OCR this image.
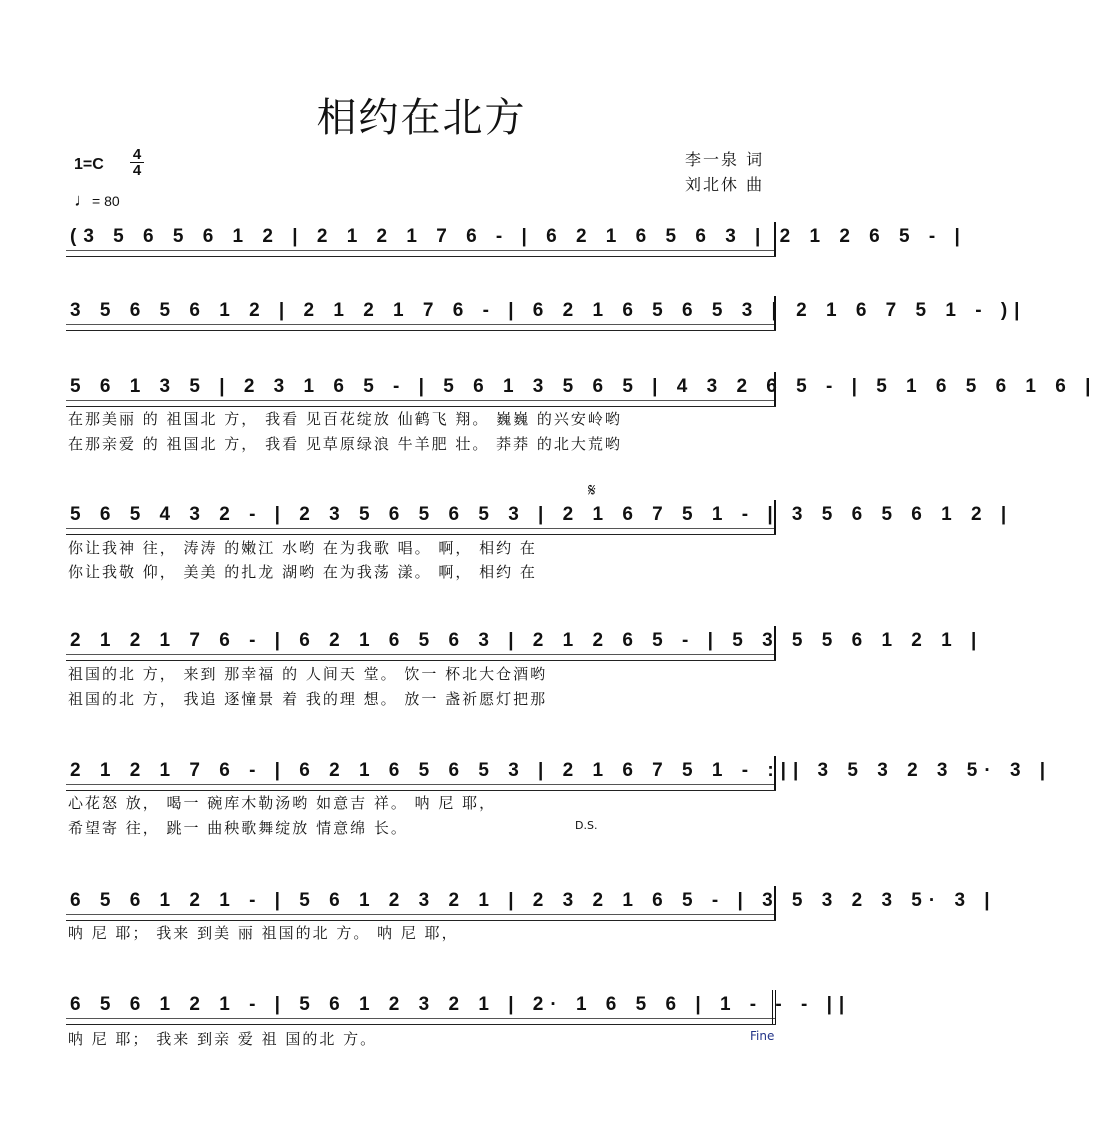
相约在北方
1=C
4
4
♩= 80
李一泉 词
刘北休 曲
(3 5 6 5 6 1 2 | 2 1 2 1 7 6 - | 6 2 1 6 5 6 3 | 2 1 2 6 5 - |
3 5 6 5 6 1 2 | 2 1 2 1 7 6 - | 6 2 1 6 5 6 5 3 | 2 1 6 7 5 1 - )|
5 6 1 3 5 | 2 3 1 6 5 - | 5 6 1 3 5 6 5 | 4 3 2 6 5 - | 5 1 6 5 6 1 6 |
在那美丽 的 祖国北 方， 我看 见百花绽放 仙鹤飞 翔。 巍巍 的兴安岭哟
在那亲爱 的 祖国北 方， 我看 见草原绿浪 牛羊肥 壮。 莽莽 的北大荒哟
𝄋
5 6 5 4 3 2 - | 2 3 5 6 5 6 5 3 | 2 1 6 7 5 1 - | 3 5 6 5 6 1 2 |
你让我神 往， 涛涛 的嫩江 水哟 在为我歌 唱。 啊， 相约 在
你让我敬 仰， 美美 的扎龙 湖哟 在为我荡 漾。 啊， 相约 在
2 1 2 1 7 6 - | 6 2 1 6 5 6 3 | 2 1 2 6 5 - | 5 3 5 5 6 1 2 1 |
祖国的北 方， 来到 那幸福 的 人间天 堂。 饮一 杯北大仓酒哟
祖国的北 方， 我追 逐憧景 着 我的理 想。 放一 盏祈愿灯把那
2 1 2 1 7 6 - | 6 2 1 6 5 6 5 3 | 2 1 6 7 5 1 - :|| 3 5 3 2 3 5· 3 |
心花怒 放， 喝一 碗库木勒汤哟 如意吉 祥。 呐 尼 耶，
希望寄 往， 跳一 曲秧歌舞绽放 情意绵 长。	D.S.
6 5 6 1 2 1 - | 5 6 1 2 3 2 1 | 2 3 2 1 6 5 - | 3 5 3 2 3 5· 3 |
呐 尼 耶； 我来 到美 丽 祖国的北 方。 呐 尼 耶，
6 5 6 1 2 1 - | 5 6 1 2 3 2 1 | 2· 1 6 5 6 | 1 - - - ||
呐 尼 耶； 我来 到亲 爱 祖 国的北 方。	Fine
